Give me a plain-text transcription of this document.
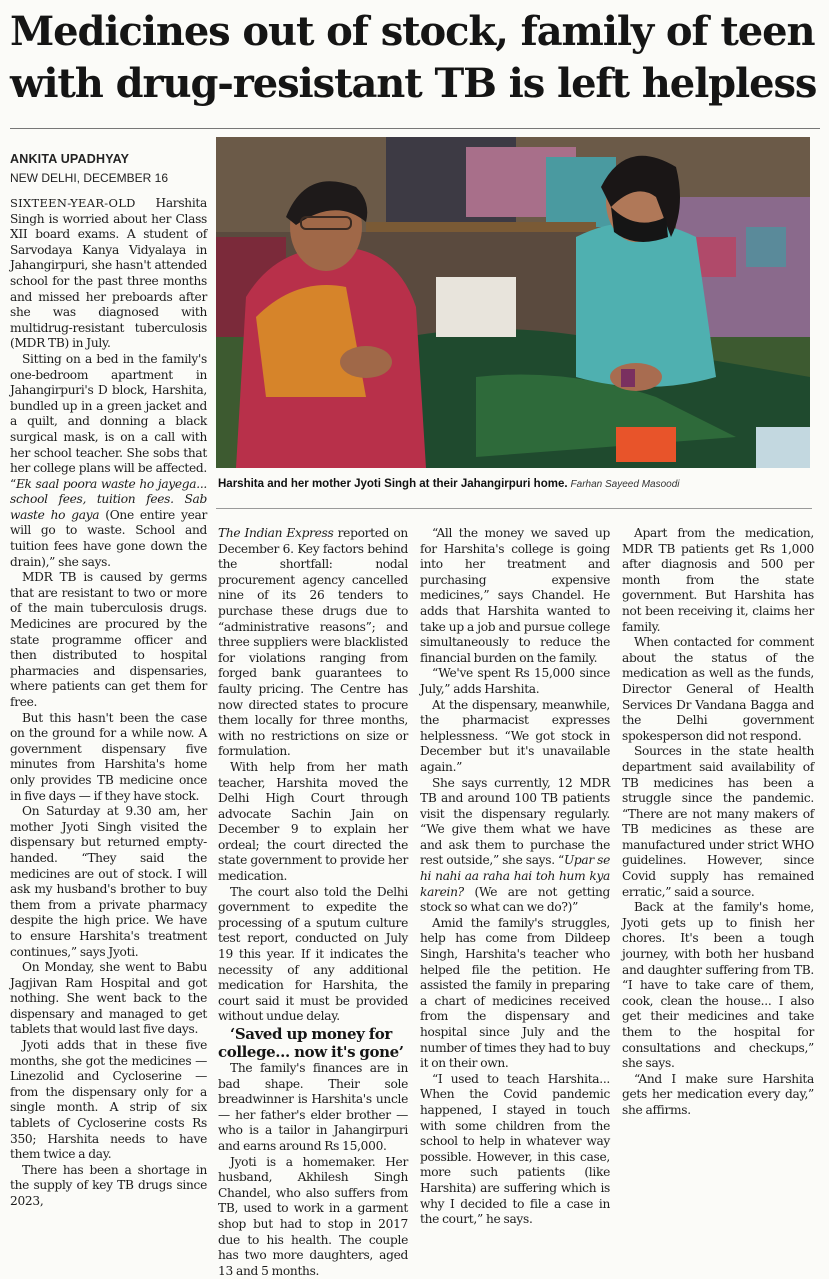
Medicines out of stock, family of teen with drug-resistant TB is left helpless
ANKITA UPADHYAY
NEW DELHI, DECEMBER 16
Harshita and her mother Jyoti Singh at their Jahangirpuri home. Farhan Sayeed Masoodi

SIXTEEN-YEAR-OLD Harshita Singh is worried about her Class XII board exams. A student of Sarvodaya Kanya Vidyalaya in Jahangirpuri, she hasn't attended school for the past three months and missed her preboards after she was diagnosed with multidrug-resistant tuberculosis (MDR TB) in July.

Sitting on a bed in the family's one-bedroom apartment in Jahangirpuri's D block, Harshita, bundled up in a green jacket and a quilt, and donning a black surgical mask, is on a call with her school teacher. She sobs that her college plans will be affected. “Ek saal poora waste ho jayega... school fees, tuition fees. Sab waste ho gaya (One entire year will go to waste. School and tuition fees have gone down the drain),” she says.

MDR TB is caused by germs that are resistant to two or more of the main tuberculosis drugs. Medicines are procured by the state programme officer and then distributed to hospital pharmacies and dispensaries, where patients can get them for free.

But this hasn't been the case on the ground for a while now. A government dispensary five minutes from Harshita's home only provides TB medicine once in five days — if they have stock.

On Saturday at 9.30 am, her mother Jyoti Singh visited the dispensary but returned empty-handed. “They said the medicines are out of stock. I will ask my husband's brother to buy them from a private pharmacy despite the high price. We have to ensure Harshita's treatment continues,” says Jyoti.

On Monday, she went to Babu Jagjivan Ram Hospital and got nothing. She went back to the dispensary and managed to get tablets that would last five days.

Jyoti adds that in these five months, she got the medicines — Linezolid and Cycloserine — from the dispensary only for a single month. A strip of six tablets of Cycloserine costs Rs 350; Harshita needs to have them twice a day.

There has been a shortage in the supply of key TB drugs since 2023,

The Indian Express reported on December 6. Key factors behind the shortfall: nodal procurement agency cancelled nine of its 26 tenders to purchase these drugs due to “administrative reasons”; and three suppliers were blacklisted for violations ranging from forged bank guarantees to faulty pricing. The Centre has now directed states to procure them locally for three months, with no restrictions on size or formulation.

With help from her math teacher, Harshita moved the Delhi High Court through advocate Sachin Jain on December 9 to explain her ordeal; the court directed the state government to provide her medication.

The court also told the Delhi government to expedite the processing of a sputum culture test report, conducted on July 19 this year. If it indicates the necessity of any additional medication for Harshita, the court said it must be provided without undue delay.

‘Saved up money for college... now it's gone’

The family's finances are in bad shape. Their sole breadwinner is Harshita's uncle — her father's elder brother — who is a tailor in Jahangirpuri and earns around Rs 15,000.

Jyoti is a homemaker. Her husband, Akhilesh Singh Chandel, who also suffers from TB, used to work in a garment shop but had to stop in 2017 due to his health. The couple has two more daughters, aged 13 and 5 months.

“All the money we saved up for Harshita's college is going into her treatment and purchasing expensive medicines,” says Chandel. He adds that Harshita wanted to take up a job and pursue college simultaneously to reduce the financial burden on the family.

“We've spent Rs 15,000 since July,” adds Harshita.

At the dispensary, meanwhile, the pharmacist expresses helplessness. “We got stock in December but it's unavailable again.”

She says currently, 12 MDR TB and around 100 TB patients visit the dispensary regularly. “We give them what we have and ask them to purchase the rest outside,” she says. “Upar se hi nahi aa raha hai toh hum kya karein? (We are not getting stock so what can we do?)”

Amid the family's struggles, help has come from Dildeep Singh, Harshita's teacher who helped file the petition. He assisted the family in preparing a chart of medicines received from the dispensary and hospital since July and the number of times they had to buy it on their own.

“I used to teach Harshita... When the Covid pandemic happened, I stayed in touch with some children from the school to help in whatever way possible. However, in this case, more such patients (like Harshita) are suffering which is why I decided to file a case in the court,” he says.

Apart from the medication, MDR TB patients get Rs 1,000 after diagnosis and 500 per month from the state government. But Harshita has not been receiving it, claims her family.

When contacted for comment about the status of the medication as well as the funds, Director General of Health Services Dr Vandana Bagga and the Delhi government spokesperson did not respond.

Sources in the state health department said availability of TB medicines has been a struggle since the pandemic. “There are not many makers of TB medicines as these are manufactured under strict WHO guidelines. However, since Covid supply has remained erratic,” said a source.

Back at the family's home, Jyoti gets up to finish her chores. It's been a tough journey, with both her husband and daughter suffering from TB. “I have to take care of them, cook, clean the house... I also get their medicines and take them to the hospital for consultations and checkups,” she says.

“And I make sure Harshita gets her medication every day,” she affirms.
